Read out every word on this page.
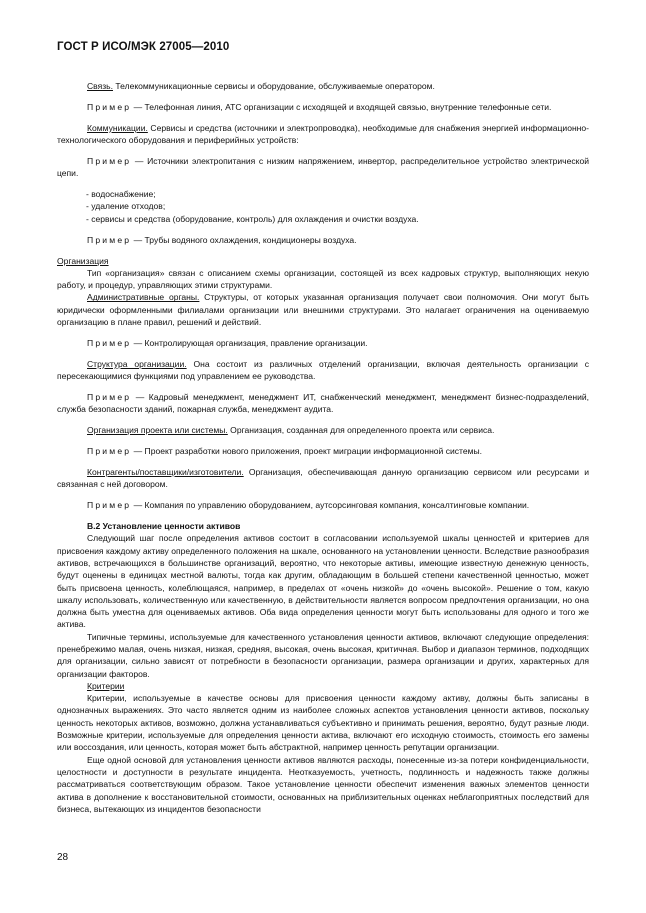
ГОСТ Р ИСО/МЭК 27005—2010

Связь. Телекоммуникационные сервисы и оборудование, обслуживаемые оператором.

Пример — Телефонная линия, АТС организации с исходящей и входящей связью, внутренние телефонные сети.

Коммуникации. Сервисы и средства (источники и электропроводка), необходимые для снабжения энергией информационно-технологического оборудования и периферийных устройств:

Пример — Источники электропитания с низким напряжением, инвертор, распределительное устройство электрической цепи.

- водоснабжение;

- удаление отходов;

- сервисы и средства (оборудование, контроль) для охлаждения и очистки воздуха.

Пример — Трубы водяного охлаждения, кондиционеры воздуха.

Организация

Тип «организация» связан с описанием схемы организации, состоящей из всех кадровых структур, выполняющих некую работу, и процедур, управляющих этими структурами.

Административные органы. Структуры, от которых указанная организация получает свои полномочия. Они могут быть юридически оформленными филиалами организации или внешними структурами. Это налагает ограничения на оцениваемую организацию в плане правил, решений и действий.

Пример — Контролирующая организация, правление организации.

Структура организации. Она состоит из различных отделений организации, включая деятельность организации с пересекающимися функциями под управлением ее руководства.

Пример — Кадровый менеджмент, менеджмент ИТ, снабженческий менеджмент, менеджмент бизнес-подразделений, служба безопасности зданий, пожарная служба, менеджмент аудита.

Организация проекта или системы. Организация, созданная для определенного проекта или сервиса.

Пример — Проект разработки нового приложения, проект миграции информационной системы.

Контрагенты/поставщики/изготовители. Организация, обеспечивающая данную организацию сервисом или ресурсами и связанная с ней договором.

Пример — Компания по управлению оборудованием, аутсорсинговая компания, консалтинговые компании.

В.2 Установление ценности активов

Следующий шаг после определения активов состоит в согласовании используемой шкалы ценностей и критериев для присвоения каждому активу определенного положения на шкале, основанного на установлении ценности. Вследствие разнообразия активов, встречающихся в большинстве организаций, вероятно, что некоторые активы, имеющие известную денежную ценность, будут оценены в единицах местной валюты, тогда как другим, обладающим в большей степени качественной ценностью, может быть присвоена ценность, колеблющаяся, например, в пределах от «очень низкой» до «очень высокой». Решение о том, какую шкалу использовать, количественную или качественную, в действительности является вопросом предпочтения организации, но она должна быть уместна для оцениваемых активов. Оба вида определения ценности могут быть использованы для одного и того же актива.

Типичные термины, используемые для качественного установления ценности активов, включают следующие определения: пренебрежимо малая, очень низкая, низкая, средняя, высокая, очень высокая, критичная. Выбор и диапазон терминов, подходящих для организации, сильно зависят от потребности в безопасности организации, размера организации и других, характерных для организации факторов.

Критерии

Критерии, используемые в качестве основы для присвоения ценности каждому активу, должны быть записаны в однозначных выражениях. Это часто является одним из наиболее сложных аспектов установления ценности активов, поскольку ценность некоторых активов, возможно, должна устанавливаться субъективно и принимать решения, вероятно, будут разные люди. Возможные критерии, используемые для определения ценности актива, включают его исходную стоимость, стоимость его замены или воссоздания, или ценность, которая может быть абстрактной, например ценность репутации организации.

Еще одной основой для установления ценности активов являются расходы, понесенные из-за потери конфиденциальности, целостности и доступности в результате инцидента. Неотказуемость, учетность, подлинность и надежность также должны рассматриваться соответствующим образом. Такое установление ценности обеспечит изменения важных элементов ценности актива в дополнение к восстановительной стоимости, основанных на приблизительных оценках неблагоприятных последствий для бизнеса, вытекающих из инцидентов безопасности

28
